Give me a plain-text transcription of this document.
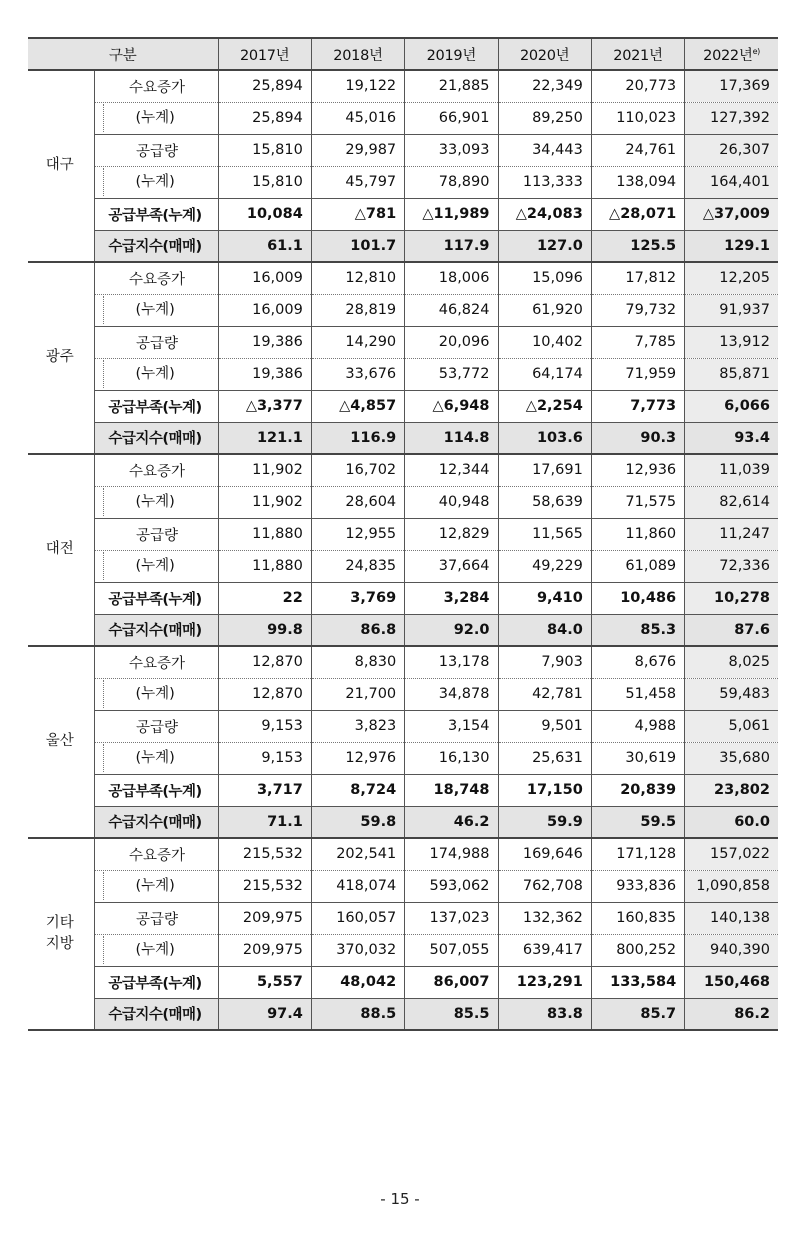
구분		2017년	2018년	2019년	2020년	2021년	2022년$^{e)}$
대구	수요증가	25,894	19,122	21,885	22,349	20,773	17,369
	(누계)	25,894	45,016	66,901	89,250	110,023	127,392
	공급량	15,810	29,987	33,093	34,443	24,761	26,307
	(누계)	15,810	45,797	78,890	113,333	138,094	164,401
	공급부족(누계)	10,084	△781	△11,989	△24,083	△28,071	△37,009
	수급지수(매매)	61.1	101.7	117.9	127.0	125.5	129.1
광주	수요증가	16,009	12,810	18,006	15,096	17,812	12,205
	(누계)	16,009	28,819	46,824	61,920	79,732	91,937
	공급량	19,386	14,290	20,096	10,402	7,785	13,912
	(누계)	19,386	33,676	53,772	64,174	71,959	85,871
	공급부족(누계)	△3,377	△4,857	△6,948	△2,254	7,773	6,066
	수급지수(매매)	121.1	116.9	114.8	103.6	90.3	93.4
대전	수요증가	11,902	16,702	12,344	17,691	12,936	11,039
	(누계)	11,902	28,604	40,948	58,639	71,575	82,614
	공급량	11,880	12,955	12,829	11,565	11,860	11,247
	(누계)	11,880	24,835	37,664	49,229	61,089	72,336
	공급부족(누계)	22	3,769	3,284	9,410	10,486	10,278
	수급지수(매매)	99.8	86.8	92.0	84.0	85.3	87.6
울산	수요증가	12,870	8,830	13,178	7,903	8,676	8,025
	(누계)	12,870	21,700	34,878	42,781	51,458	59,483
	공급량	9,153	3,823	3,154	9,501	4,988	5,061
	(누계)	9,153	12,976	16,130	25,631	30,619	35,680
	공급부족(누계)	3,717	8,724	18,748	17,150	20,839	23,802
	수급지수(매매)	71.1	59.8	46.2	59.9	59.5	60.0
기타
지방	수요증가	215,532	202,541	174,988	169,646	171,128	157,022
	(누계)	215,532	418,074	593,062	762,708	933,836	1,090,858
	공급량	209,975	160,057	137,023	132,362	160,835	140,138
	(누계)	209,975	370,032	507,055	639,417	800,252	940,390
	공급부족(누계)	5,557	48,042	86,007	123,291	133,584	150,468
	수급지수(매매)	97.4	88.5	85.5	83.8	85.7	86.2
- 15 -
